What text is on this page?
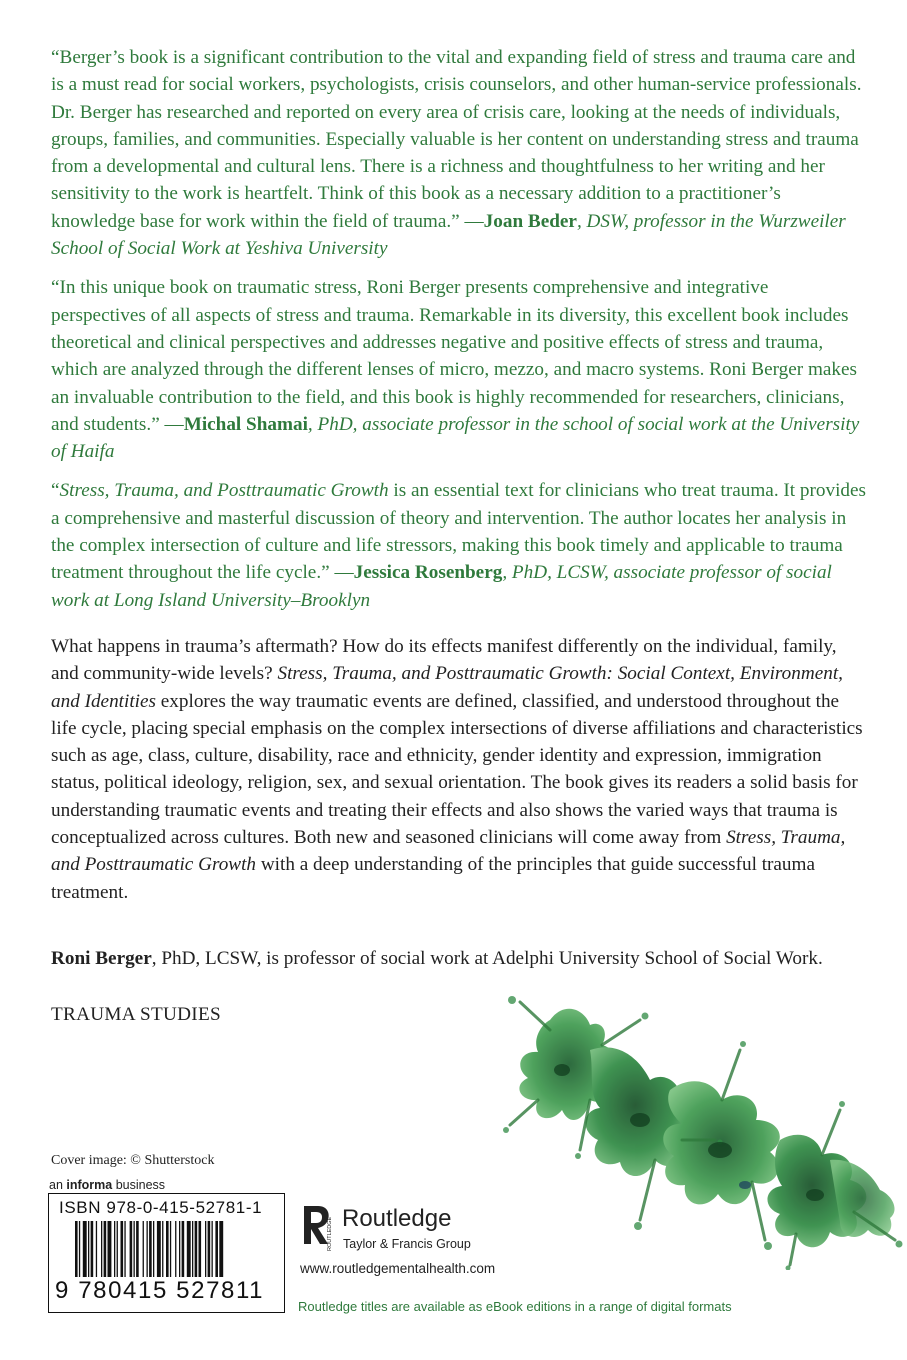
“Berger’s book is a significant contribution to the vital and expanding field of stress and trauma care and is a must read for social workers, psychologists, crisis counselors, and other human-service professionals. Dr. Berger has researched and reported on every area of crisis care, looking at the needs of individuals, groups, families, and communities. Especially valuable is her content on understanding stress and trauma from a developmental and cultural lens. There is a richness and thoughtfulness to her writing and her sensitivity to the work is heartfelt. Think of this book as a necessary addition to a practitioner’s knowledge base for work within the field of trauma.” —Joan Beder, DSW, professor in the Wurzweiler School of Social Work at Yeshiva University

“In this unique book on traumatic stress, Roni Berger presents comprehensive and integrative perspectives of all aspects of stress and trauma. Remarkable in its diversity, this excellent book includes theoretical and clinical perspectives and addresses negative and positive effects of stress and trauma, which are analyzed through the different lenses of micro, mezzo, and macro systems. Roni Berger makes an invaluable contribution to the field, and this book is highly recommended for researchers, clinicians, and students.” —Michal Shamai, PhD, associate professor in the school of social work at the University of Haifa

“Stress, Trauma, and Posttraumatic Growth is an essential text for clinicians who treat trauma. It provides a comprehensive and masterful discussion of theory and intervention. The author locates her analysis in the complex intersection of culture and life stressors, making this book timely and applicable to trauma treatment throughout the life cycle.” —Jessica Rosenberg, PhD, LCSW, associate professor of social work at Long Island University–Brooklyn

What happens in trauma’s aftermath? How do its effects manifest differently on the individual, family, and community-wide levels? Stress, Trauma, and Posttraumatic Growth: Social Context, Environment, and Identities explores the way traumatic events are defined, classified, and understood throughout the life cycle, placing special emphasis on the complex intersections of diverse affiliations and characteristics such as age, class, culture, disability, race and ethnicity, gender identity and expression, immigration status, political ideology, religion, sex, and sexual orientation. The book gives its readers a solid basis for understanding traumatic events and treating their effects and also shows the varied ways that trauma is conceptualized across cultures. Both new and seasoned clinicians will come away from Stress, Trauma, and Posttraumatic Growth with a deep understanding of the principles that guide successful trauma treatment.

Roni Berger, PhD, LCSW, is professor of social work at Adelphi University School of Social Work.
TRAUMA STUDIES
Cover image: © Shutterstock
an informa business
ISBN 978-0-415-52781-1
9 780415 527811
ROUTLEDGE Routledge
Taylor & Francis Group
www.routledgementalhealth.com
Routledge titles are available as eBook editions in a range of digital formats
